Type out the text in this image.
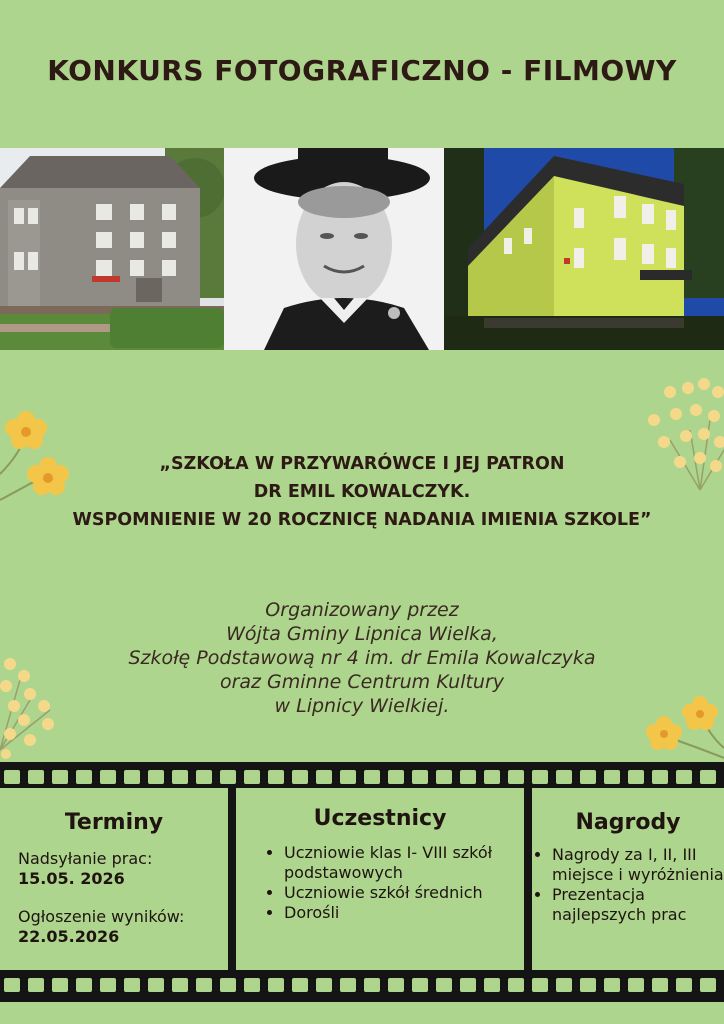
KONKURS FOTOGRAFICZNO - FILMOWY
„SZKOŁA W PRZYWARÓWCE I JEJ PATRON
DR EMIL KOWALCZYK.
WSPOMNIENIE W 20 ROCZNICĘ NADANIA IMIENIA SZKOLE”
Organizowany przez
Wójta Gminy Lipnica Wielka,
Szkołę Podstawową nr 4 im. dr Emila Kowalczyka
oraz Gminne Centrum Kultury
w Lipnicy Wielkiej.
Terminy

Nadsyłanie prac:

15.05. 2026

Ogłoszenie wyników:

22.05.2026

Uczestnicy
• Uczniowie klas I- VIII szkół podstawowych
• Uczniowie szkół średnich
• Dorośli
Nagrody
• Nagrody za I, II, III miejsce i wyróżnienia
• Prezentacja najlepszych prac
